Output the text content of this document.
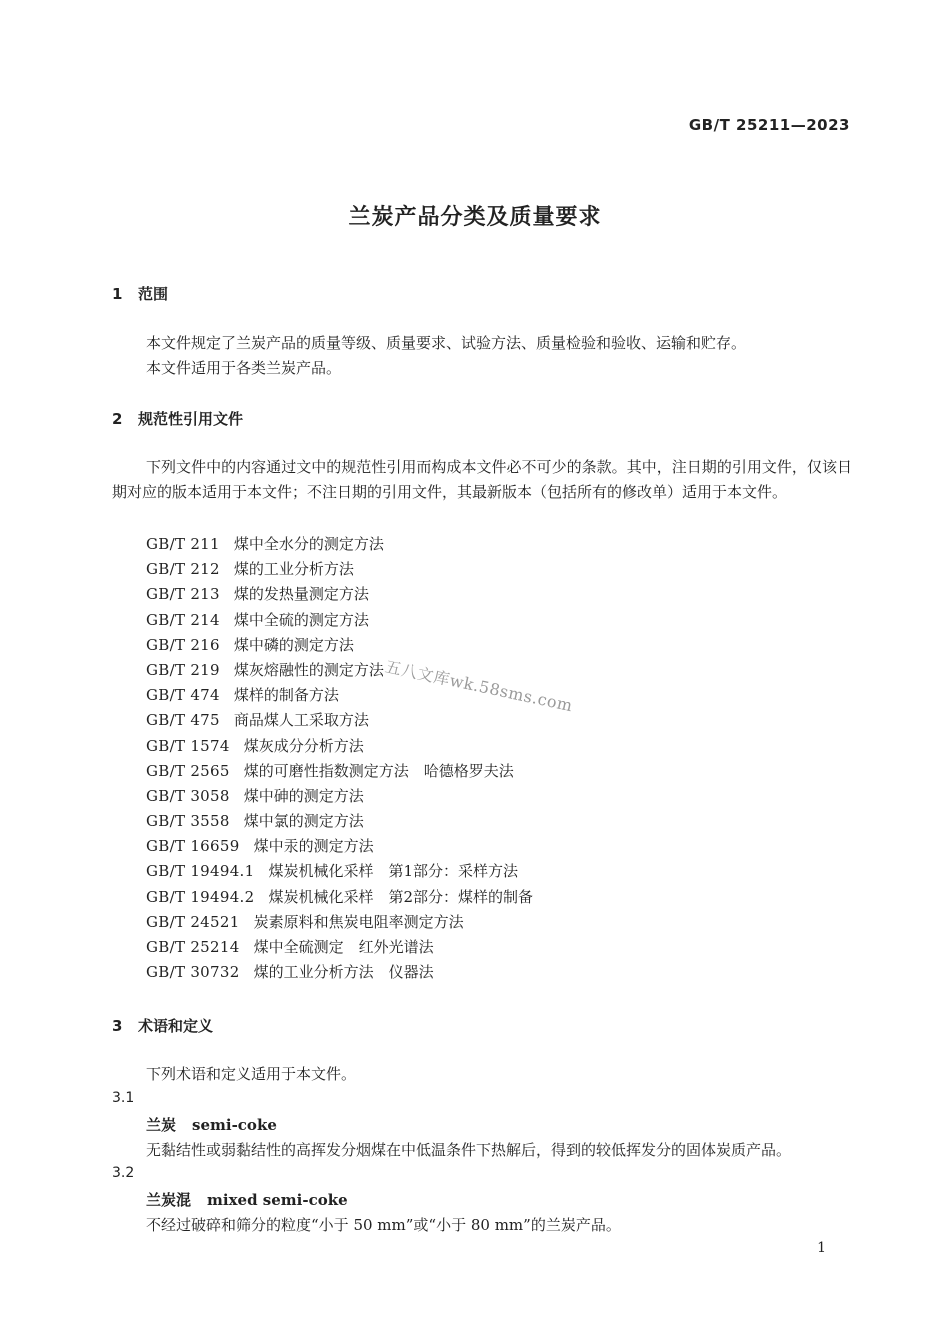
GB/T 25211—2023
兰炭产品分类及质量要求
1 范围
本文件规定了兰炭产品的质量等级、质量要求、试验方法、质量检验和验收、运输和贮存。
本文件适用于各类兰炭产品。
2 规范性引用文件
下列文件中的内容通过文中的规范性引用而构成本文件必不可少的条款。其中，注日期的引用文件，仅该日期对应的版本适用于本文件；不注日期的引用文件，其最新版本（包括所有的修改单）适用于本文件。
GB/T 211 煤中全水分的测定方法
GB/T 212 煤的工业分析方法
GB/T 213 煤的发热量测定方法
GB/T 214 煤中全硫的测定方法
GB/T 216 煤中磷的测定方法
GB/T 219 煤灰熔融性的测定方法
GB/T 474 煤样的制备方法
GB/T 475 商品煤人工采取方法
GB/T 1574 煤灰成分分析方法
GB/T 2565 煤的可磨性指数测定方法　哈德格罗夫法
GB/T 3058 煤中砷的测定方法
GB/T 3558 煤中氯的测定方法
GB/T 16659 煤中汞的测定方法
GB/T 19494.1 煤炭机械化采样　第1部分：采样方法
GB/T 19494.2 煤炭机械化采样　第2部分：煤样的制备
GB/T 24521 炭素原料和焦炭电阻率测定方法
GB/T 25214 煤中全硫测定　红外光谱法
GB/T 30732 煤的工业分析方法　仪器法
3 术语和定义
下列术语和定义适用于本文件。
3.1
兰炭 semi-coke
无黏结性或弱黏结性的高挥发分烟煤在中低温条件下热解后，得到的较低挥发分的固体炭质产品。
3.2
兰炭混 mixed semi-coke
不经过破碎和筛分的粒度“小于 50 mm”或“小于 80 mm”的兰炭产品。
五八文库wk.58sms.com
1
